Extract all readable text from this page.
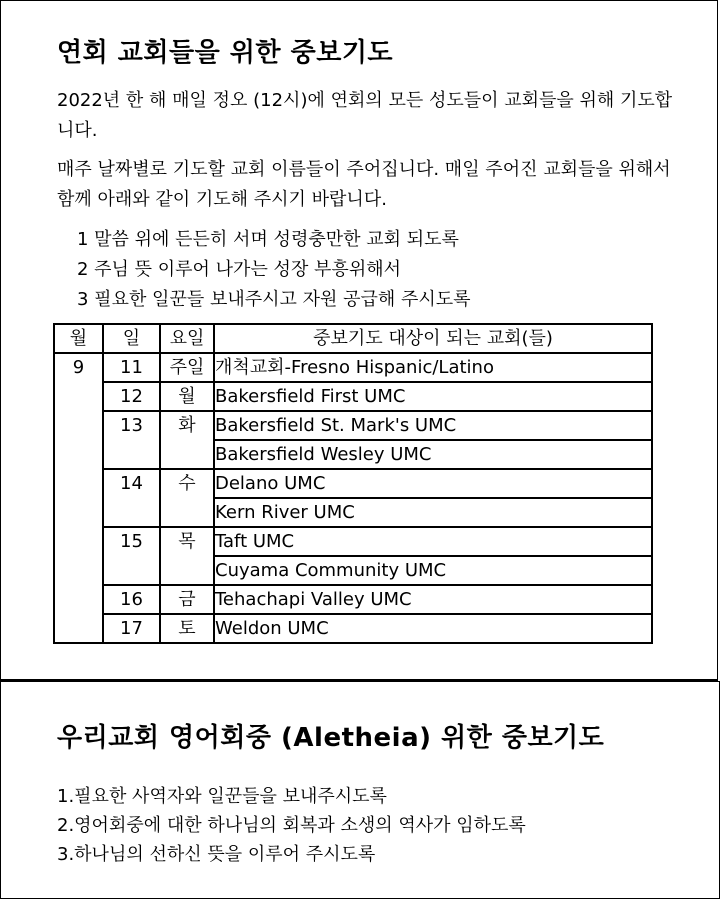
연회 교회들을 위한 중보기도

2022년 한 해 매일 정오 (12시)에 연회의 모든 성도들이 교회들을 위해 기도합니다.

매주 날짜별로 기도할 교회 이름들이 주어집니다. 매일 주어진 교회들을 위해서 함께 아래와 같이 기도해 주시기 바랍니다.

1 말씀 위에 든든히 서며 성령충만한 교회 되도록
2 주님 뜻 이루어 나가는 성장 부흥위해서
3 필요한 일꾼들 보내주시고 자원 공급해 주시도록
월	일	요일	중보기도 대상이 되는 교회(들)
9	11	주일	개척교회-Fresno Hispanic/Latino
	12	월	Bakersfield First UMC
	13	화	Bakersfield St. Mark's UMC
			Bakersfield Wesley UMC
	14	수	Delano UMC
			Kern River UMC
	15	목	Taft UMC
			Cuyama Community UMC
	16	금	Tehachapi Valley UMC
	17	토	Weldon UMC
우리교회 영어회중 (Aletheia) 위한 중보기도
1.필요한 사역자와 일꾼들을 보내주시도록
2.영어회중에 대한 하나님의 회복과 소생의 역사가 임하도록
3.하나님의 선하신 뜻을 이루어 주시도록
